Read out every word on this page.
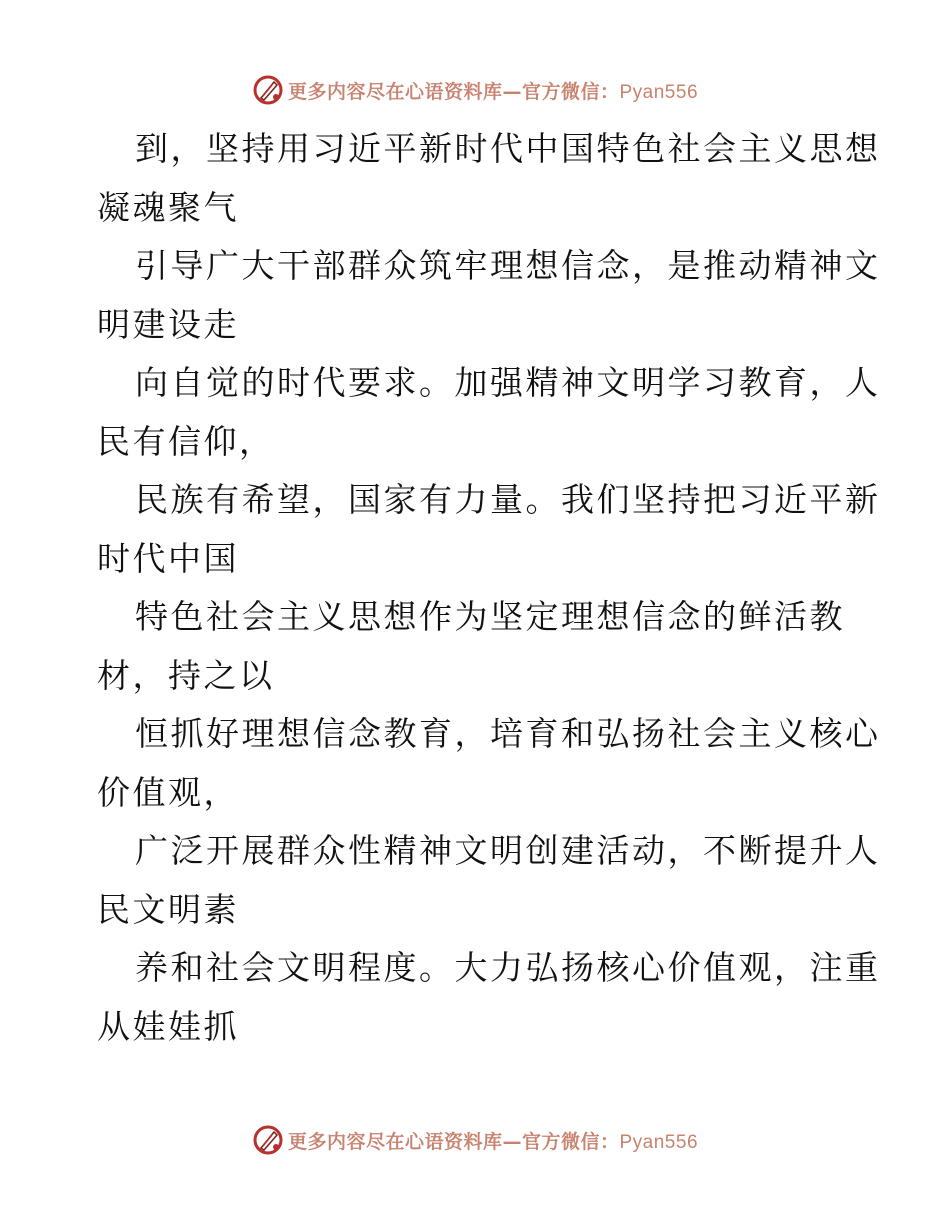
更多内容尽在心语资料库—官方微信：Pyan556
到，坚持用习近平新时代中国特色社会主义思想
凝魂聚气
引导广大干部群众筑牢理想信念，是推动精神文
明建设走
向自觉的时代要求。加强精神文明学习教育，人
民有信仰，
民族有希望，国家有力量。我们坚持把习近平新
时代中国
特色社会主义思想作为坚定理想信念的鲜活教
材，持之以
恒抓好理想信念教育，培育和弘扬社会主义核心
价值观，
广泛开展群众性精神文明创建活动，不断提升人
民文明素
养和社会文明程度。大力弘扬核心价值观，注重
从娃娃抓
更多内容尽在心语资料库—官方微信：Pyan556
